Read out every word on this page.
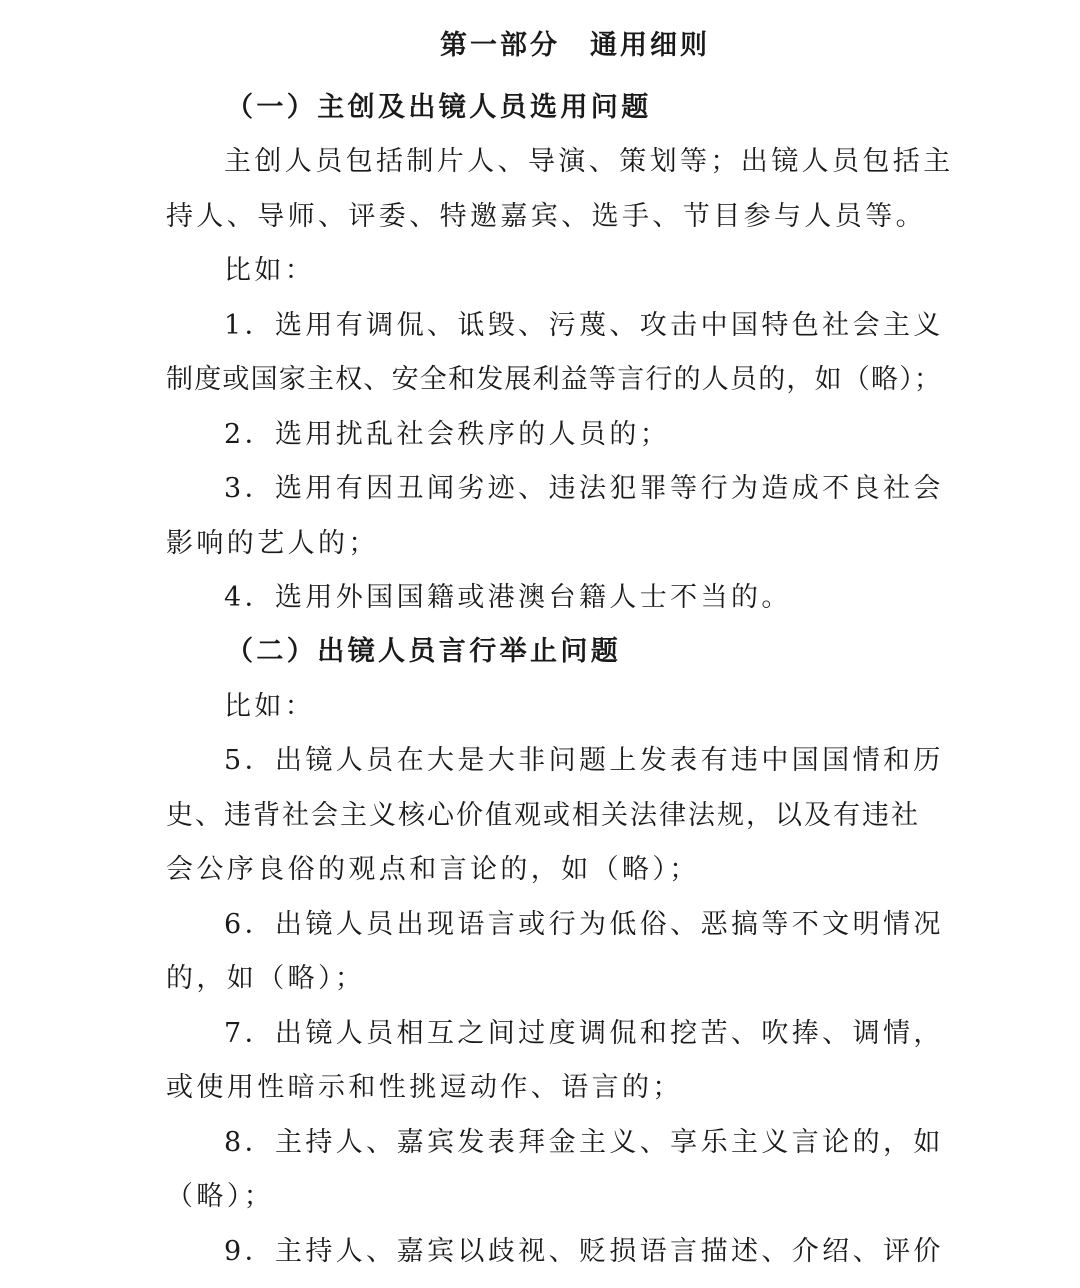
第一部分　通用细则
（一）主创及出镜人员选用问题
主创人员包括制片人、导演、策划等；出镜人员包括主
持人、导师、评委、特邀嘉宾、选手、节目参与人员等。
比如：
1．选用有调侃、诋毁、污蔑、攻击中国特色社会主义
制度或国家主权、安全和发展利益等言行的人员的，如（略）；
2．选用扰乱社会秩序的人员的；
3．选用有因丑闻劣迹、违法犯罪等行为造成不良社会
影响的艺人的；
4．选用外国国籍或港澳台籍人士不当的。
（二）出镜人员言行举止问题
比如：
5．出镜人员在大是大非问题上发表有违中国国情和历
史、违背社会主义核心价值观或相关法律法规，以及有违社
会公序良俗的观点和言论的，如（略）；
6．出镜人员出现语言或行为低俗、恶搞等不文明情况
的，如（略）；
7．出镜人员相互之间过度调侃和挖苦、吹捧、调情，
或使用性暗示和性挑逗动作、语言的；
8．主持人、嘉宾发表拜金主义、享乐主义言论的，如
（略）；
9．主持人、嘉宾以歧视、贬损语言描述、介绍、评价
